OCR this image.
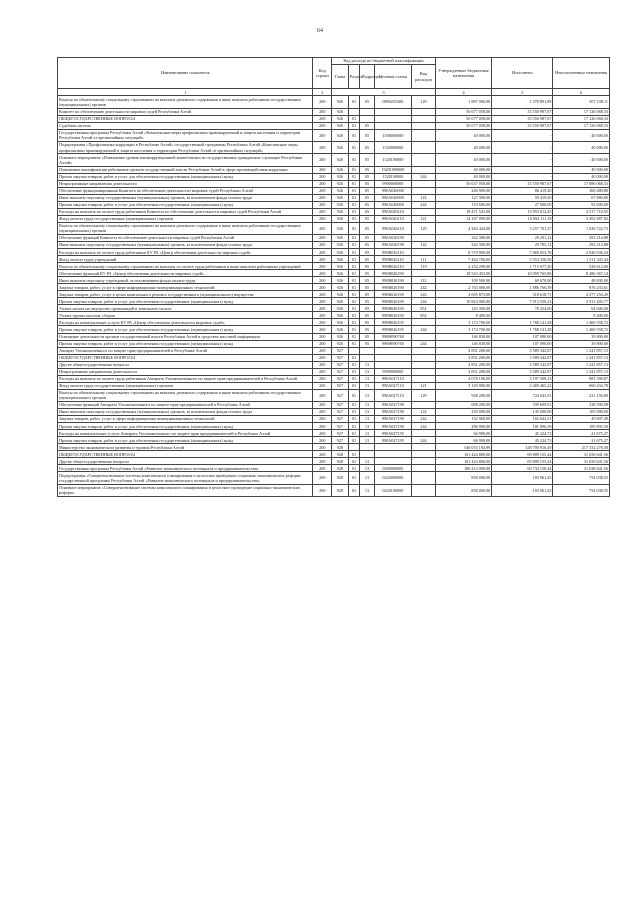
64
Наименование показателя	Код строки	Код расхода по бюджетной классификации					Утвержденные бюджетные назначения	Исполнено	Неисполненные назначения
		Глава	Раздел	Подраздел	Целевая статья	Вид расходов			
1	2	3					4	5	6
Взносы по обязательному социальному страхованию на выплаты денежного содержания и иные выплаты работникам государственных (муниципальных) органов	200	926	01	05	0890255300	129	1 887 900,00	1 379 891,89	507 108,11
Комитет по обеспечению деятельности мировых судей Республики Алтай	200	926					50 677 058,00	33 550 987,67	17 126 068,33
ОБЩЕГОСУДАРСТВЕННЫЕ ВОПРОСЫ	200	926	01				50 677 058,00	33 550 987,67	17 126 068,33
Судебная система	200	926	01	05			50 677 058,00	33 550 987,67	17 126 068,33
Государственная программа Республики Алтай «Комплексные меры профилактики правонарушений и защита населения и территории Республики Алтай от чрезвычайных ситуаций»	200	926	01	05	1500000000		40 000,00	-	40 000,00
Подпрограмма «Профилактика коррупции в Республике Алтай» государственной программы Республики Алтай «Комплексные меры профилактики правонарушений и защита населения и территории Республики Алтай от чрезвычайных ситуаций»	200	926	01	05	1520000000		40 000,00	-	40 000,00
Основное мероприятие «Повышение уровня антикоррупционной компетентности государственных гражданских служащих Республики Алтай»	200	926	01	05	1520100000		40 000,00	-	40 000,00
Повышение квалификации работников органов государственной власти Республики Алтай в сфере противодействия коррупции	200	926	01	05	15201000000		40 000,00	-	40 000,00
Прочая закупка товаров, работ и услуг для обеспечения государственных (муниципальных) нужд	200	926	01	05	1520100000	244	40 000,00	-	40 000,00
Непрограммные направления деятельности	200	926	01	05	9900000000		50 637 058,00	33 550 987,67	17 086 068,33
Обеспечение функционирования Комитета по обеспечению деятельности мировых судей Республики Алтай	200	926	01	05	990A026000		246 900,00	86 419,20	160 480,80
Иные выплаты персоналу государственных (муниципальных) органов, за исключением фонда оплаты труда	200	926	01	05	990A026000	122	127 300,00	59 419,20	67 880,80
Прочая закупка товаров, работ и услуг для обеспечения государственных (муниципальных) нужд	200	926	01	05	990A026000	244	119 600,00	27 000,00	92 600,00
Расходы на выплаты по оплате труда работников Комитета по обеспечению деятельности мировых судей Республики Алтай	200	926	01	05	990A026110		18 471 523,00	13 953 812,45	4 517 710,55
Фонд оплаты труда государственных (муниципальных) органов	200	926	01	05	990A026110	121	14 187 099,00	10 694 111,18	3 492 987,82
Взносы по обязательному социальному страхованию на выплаты денежного содержания и иные выплаты работникам государственных (муниципальных) органов	200	926	01	05	990A026110	129	4 284 424,00	3 257 701,27	1 026 722,73
Обеспечение функций Комитета по обеспечению деятельности мировых судей Республики Алтай	200	926	01	05	990A026190		322 300,00	29 291,12	293 214,88
Иные выплаты персоналу государственных (муниципальных) органов, за исключением фонда оплаты труда	200	926	01	05	990A026190	122	322 300,00	29 785,12	293 214,88
Расходы на выплаты по оплате труда работников КУ РА «Центр обеспечения деятельности мировых судей»	200	926	01	05	990В026110		8 719 990,00	7 069 053,76	2 040 936,24
Фонд оплаты труда учреждений	200	926	01	05	990В026110	111	7 464 700,00	5 553 356,56	1 511 343,44
Взносы по обязательному социальному страхованию на выплаты по оплате труда работников и иные выплаты работникам учреждений	200	926	01	05	990В026110	119	2 254 290,00	1 715 677,20	538 612,80
Обеспечение функций КУ РА «Центр обеспечения деятельности мировых судей»	200	926	01	05	990В026190		18 543 453,00	10 059 765,86	8 486 367,14
Иные выплаты персоналу учреждений, за исключением фонда оплаты труда	200	926	01	05	990В026190	112	109 500,00	60 670,00	48 830,00
Закупка товаров, работ, услуг в сфере информационно-коммуникационных технологий	200	926	01	05	990В026190	242	2 763 000,00	1 886 766,39	876 233,61
Закупка товаров, работ, услуг в целях капитального ремонта государственного (муниципального) имущества	200	926	01	05	990В026190	243	4 695 873,00	318 618,71	4 377 254,29
Прочая закупка товаров, работ и услуг для обеспечения государственных (муниципальных) нужд	200	926	01	05	990В026190	244	10 824 960,00	7 913 556,23	2 911 403,77
Уплата налога на имущество организаций и земельного налога	200	926	01	05	990В026190	851	143 300,00	78 254,00	64 046,00
Уплата прочих налогов, сборов	200	926	01	05	990В026190	852	8 400,00	-	8 400,00
Расходы на коммунальные услуги КУ РА «Центр обеспечения деятельности мировых судей»	200	926	01	05	990В026195		3 174 700,00	1 768 141,28	1 406 558,72
Прочая закупка товаров, работ и услуг для обеспечения государственных (муниципальных) нужд	200	926	01	05	990В026195	244	3 174 700,00	1 768 141,28	1 406 558,72
Освещение деятельности органов государственной власти Республики Алтай в средствах массовой информации	200	926	01	05	990Н090760		146 830,00	107 090,00	39 800,00
Прочая закупка товаров, работ и услуг для обеспечения государственных (муниципальных) нужд	200	926	01	05	990Н090760	244	146 830,00	107 090,00	39 800,00
Аппарат Уполномоченного по защите прав предпринимателей в Республике Алтай	200	927					4 831 200,00	3 589 342,87	1 241 857,13
ОБЩЕГОСУДАРСТВЕННЫЕ ВОПРОСЫ	200	927	01				4 831 200,00	3 589 342,87	1 241 857,13
Другие общегосударственные вопросы	200	927	01	13			4 831 200,00	3 589 342,87	1 241 857,13
Непрограммные направления деятельности	200	927	01	13	9900000000		4 831 200,00	3 589 342,87	1 241 857,13
Расходы на выплаты по оплате труда работников Аппарата Уполномоченного по защите прав предпринимателей в Республике Алтай	200	927	01	13	990А027110		4 078 100,00	3 197 509,13	881 590,87
Фонд оплаты труда государственных (муниципальных) органов	200	927	01	13	990А027110	121	3 129 900,00	2 469 465,22	660 434,78
Взносы по обязательному социальному страхованию на выплаты денежного содержания и иные выплаты работникам государственных (муниципальных) органов	200	927	01	13	990А027110	129	948 200,00	724 043,91	221 156,09
Обеспечение функций Аппарата Уполномоченного по защите прав предпринимателей в Республике Алтай	200	927	01	13	990А027190		688 200,00	339 699,01	338 590,99
Иные выплаты персоналу государственных (муниципальных) органов, за исключением фонда оплаты труда	200	927	01	13	990А027190	122	250 000,00	145 000,00	105 000,00
Закупка товаров, работ, услуг в сфере информационно-коммуникационных технологий	200	927	01	13	990А027190	242	152 960,00	102 642,51	49 697,49
Прочая закупка товаров, работ и услуг для обеспечения государственных (муниципальных) нужд	200	927	01	13	990А027190	244	286 900,00	101 096,39	185 893,50
Расходы на коммунальные услуги Аппарата Уполномоченного по защите прав предпринимателей в Республике Алтай	200	927	01	13	990А027195		66 900,00	45 224,73	21 675,27
Прочая закупка товаров, работ и услуг для обеспечения государственных (муниципальных) нужд	200	927	01	13	990А027195	244	66 900,00	45 224,73	21 675,27
Министерство экономического развития и туризма Республики Алтай	200	928					546 033 194,99	328 700 916,49	217 332 278,50
ОБЩЕГОСУДАРСТВЕННЫЕ ВОПРОСЫ	200	928	01				101 424 800,00	69 809 155,44	31 650 641,56
Другие общегосударственные вопросы	200	928	01	13			101 424 800,00	69 809 155,44	31 650 641,56
Государственная программа Республики Алтай «Развитие экономического потенциала и предпринимательства»	200	928	01	13	0400000000		100 414 000,00	69 734 158,44	31 638 641,56
Подпрограмма «Совершенствование системы комплексного планирования и целостное проведение социально-экономических реформ» государственной программы Республики Алтай «Развитие экономического потенциала и предпринимательства»	200	928	01	13	0420000000		858 000,00	103 961,45	754 038,55
Основное мероприятие «Совершенствование системы комплексного планирования и целостное проведение социально-экономических реформ»	200	928	01	13	0420100000		858 000,00	103 961,45	754 038,55
